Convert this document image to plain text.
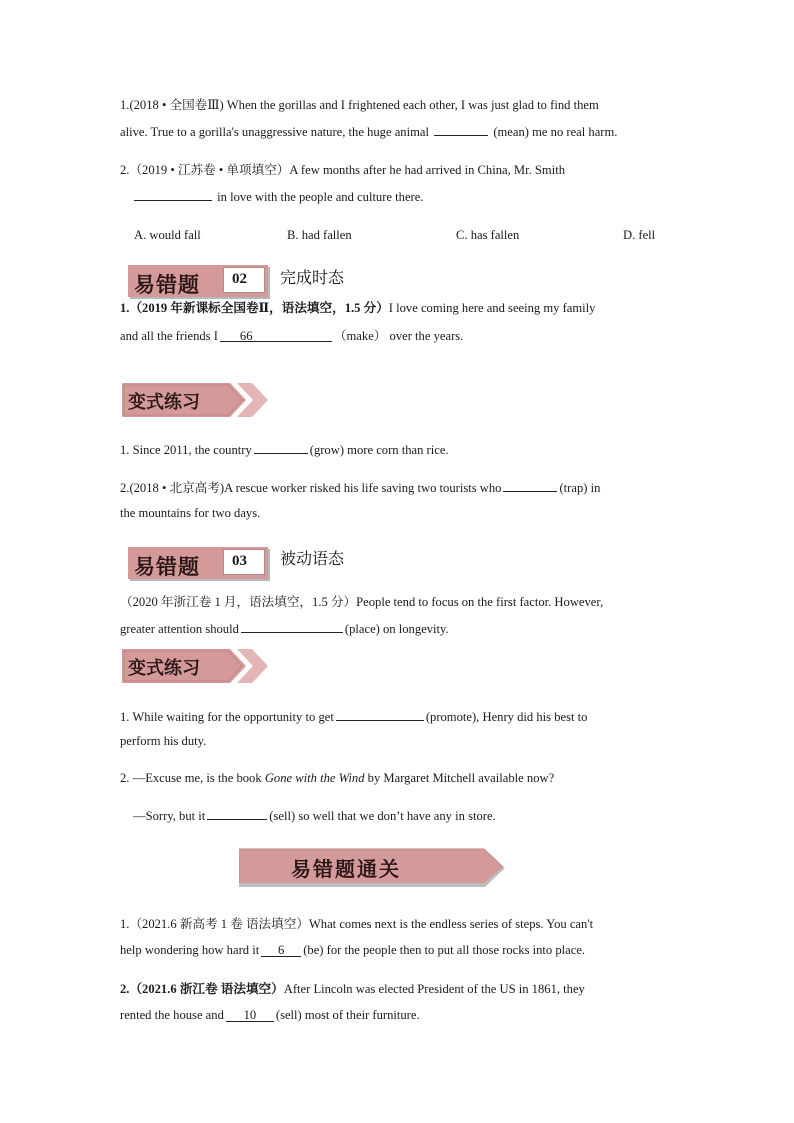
1.(2018 • 全国卷Ⅲ) When the gorillas and I frightened each other, I was just glad to find them
alive. True to a gorilla's unaggressive nature, the huge animal	(mean) me no real harm.
2.（2019 • 江苏卷 • 单项填空）A few months after he had arrived in China, Mr. Smith
in love with the people and culture there.
A. would fall	B. had fallen	C. has fallen	D. fell
易错题	02	完成时态
1.（2019 年新课标全国卷Ⅱ，语法填空，1.5 分）I love coming here and seeing my family
and all the friends I 66	（make） over the years.
变式练习
1. Since 2011, the country	(grow) more corn than rice.
2.(2018 • 北京高考)A rescue worker risked his life saving two tourists who	(trap) in
the mountains for two days.
易错题	03	被动语态
（2020 年浙江卷 1 月，语法填空，1.5 分）People tend to focus on the first factor. However,
greater attention should	(place) on longevity.
变式练习
1. While waiting for the opportunity to get	(promote), Henry did his best to
perform his duty.
2. —Excuse me, is the book Gone with the Wind by Margaret Mitchell available now?
—Sorry, but it	(sell) so well that we don’t have any in store.
易错题通关
1.（2021.6 新高考 1 卷 语法填空）What comes next is the endless series of steps. You can't
help wondering how hard it 6 (be) for the people then to put all those rocks into place.
2.（2021.6 浙江卷 语法填空）After Lincoln was elected President of the US in 1861, they
rented the house and 10 (sell) most of their furniture.
